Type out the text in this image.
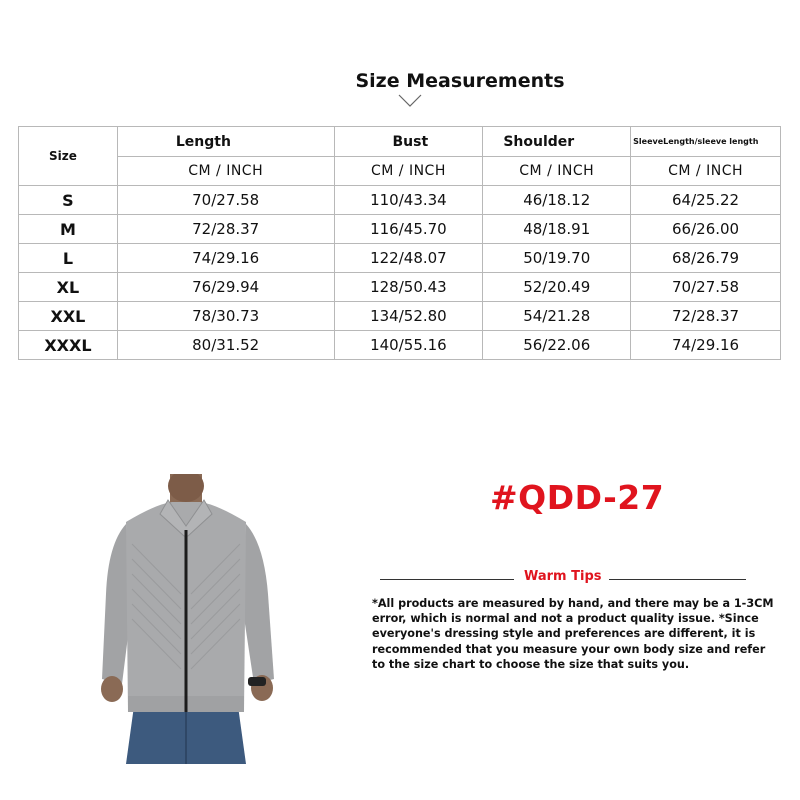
Size Measurements
Size	Length	Bust	Shoulder	SleeveLength/sleeve length
	CM / INCH	CM / INCH	CM / INCH	CM / INCH
S	70/27.58	110/43.34	46/18.12	64/25.22
M	72/28.37	116/45.70	48/18.91	66/26.00
L	74/29.16	122/48.07	50/19.70	68/26.79
XL	76/29.94	128/50.43	52/20.49	70/27.58
XXL	78/30.73	134/52.80	54/21.28	72/28.37
XXXL	80/31.52	140/55.16	56/22.06	74/29.16
#QDD-27
Warm Tips
*All products are measured by hand, and there may be a 1-3CM error, which is normal and not a product quality issue. *Since everyone's dressing style and preferences are different, it is recommended that you measure your own body size and refer to the size chart to choose the size that suits you.
